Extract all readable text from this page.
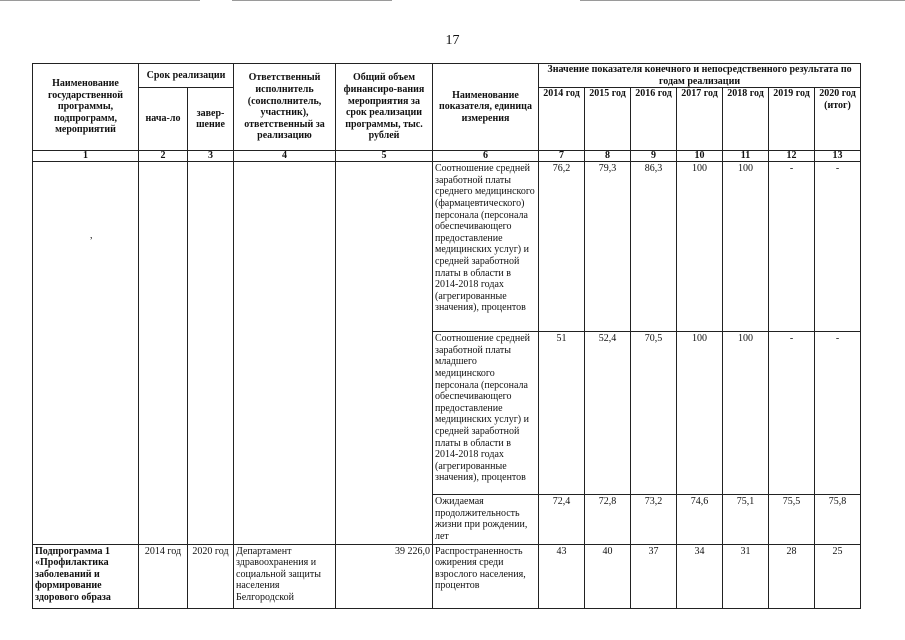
17
,
Наименование государственной программы, подпрограмм, мероприятий	Срок реализации		Ответственный исполнитель (соисполнитель, участник), ответственный за реализацию	Общий объем финансиро-вания мероприятия за срок реализации программы, тыс. рублей	Наименование показателя, единица измерения	Значение показателя конечного и непосредственного результата по годам реализации						
	нача-ло	завер-шение				2014 год	2015 год	2016 год	2017 год	2018 год	2019 год	2020 год (итог)
1	2	3	4	5	6	7	8	9	10	11	12	13
					Соотношение средней заработной платы среднего медицинского (фармацевтического) персонала (персонала обеспечивающего предоставление медицинских услуг) и средней заработной платы в области в 2014-2018 годах (агрегированные значения), процентов	76,2	79,3	86,3	100	100	-	-
					Соотношение средней заработной платы младшего медицинского персонала (персонала обеспечивающего предоставление медицинских услуг) и средней заработной платы в области в 2014-2018 годах (агрегированные значения), процентов	51	52,4	70,5	100	100	-	-
					Ожидаемая продолжительность жизни при рождении, лет	72,4	72,8	73,2	74,6	75,1	75,5	75,8
Подпрограмма 1 «Профилактика заболеваний и формирование здорового образа	2014 год	2020 год	Департамент здравоохранения и социальной защиты населения Белгородской	39 226,0	Распространенность ожирения среди взрослого населения, процентов	43	40	37	34	31	28	25
